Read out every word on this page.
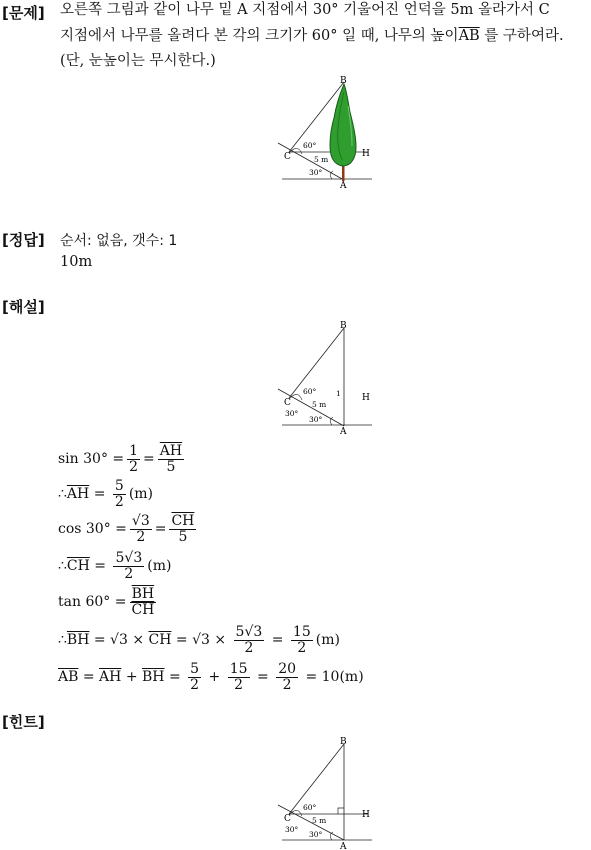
[문제] 오른쪽 그림과 같이 나무 밑 A 지점에서 30° 기울어진 언덕을 5m 올라가서 C
지점에서 나무를 올려다 본 각의 크기가 60° 일 때, 나무의 높이$\overline{AB}$ 를 구하여라.
(단, 눈높이는 무시한다.)
B
A
C	H
60°
5 m
30°
[정답] 순서: 없음, 갯수: 1
10m
[해설]
B
A
C	H
1
60°
30°
5 m
30°
$\sin 30^\circ = \frac{1}{2} = \frac{\overline{AH}}{5}$
∴ $\overline{AH} = \frac{5}{2} (m)$
$\cos 30^\circ = \frac{√3}{2} = \frac{\overline{CH}}{5}$
∴ $\overline{CH} = \frac{5√3}{2} (m)$
$\tan 60^\circ = \frac{\overline{BH}}{CH}$
∴ $\overline{BH} = √3 \times \overline{CH} = √3 \times \frac{5√3}{2} = \frac{15}{2} (m)$
$\overline{AB} = \overline{AH} + \overline{BH} = \frac{5}{2} + \frac{15}{2} = \frac{20}{2} = 10(m)$
[힌트]
B
A
C	H
60°
30°
5 m
30°
